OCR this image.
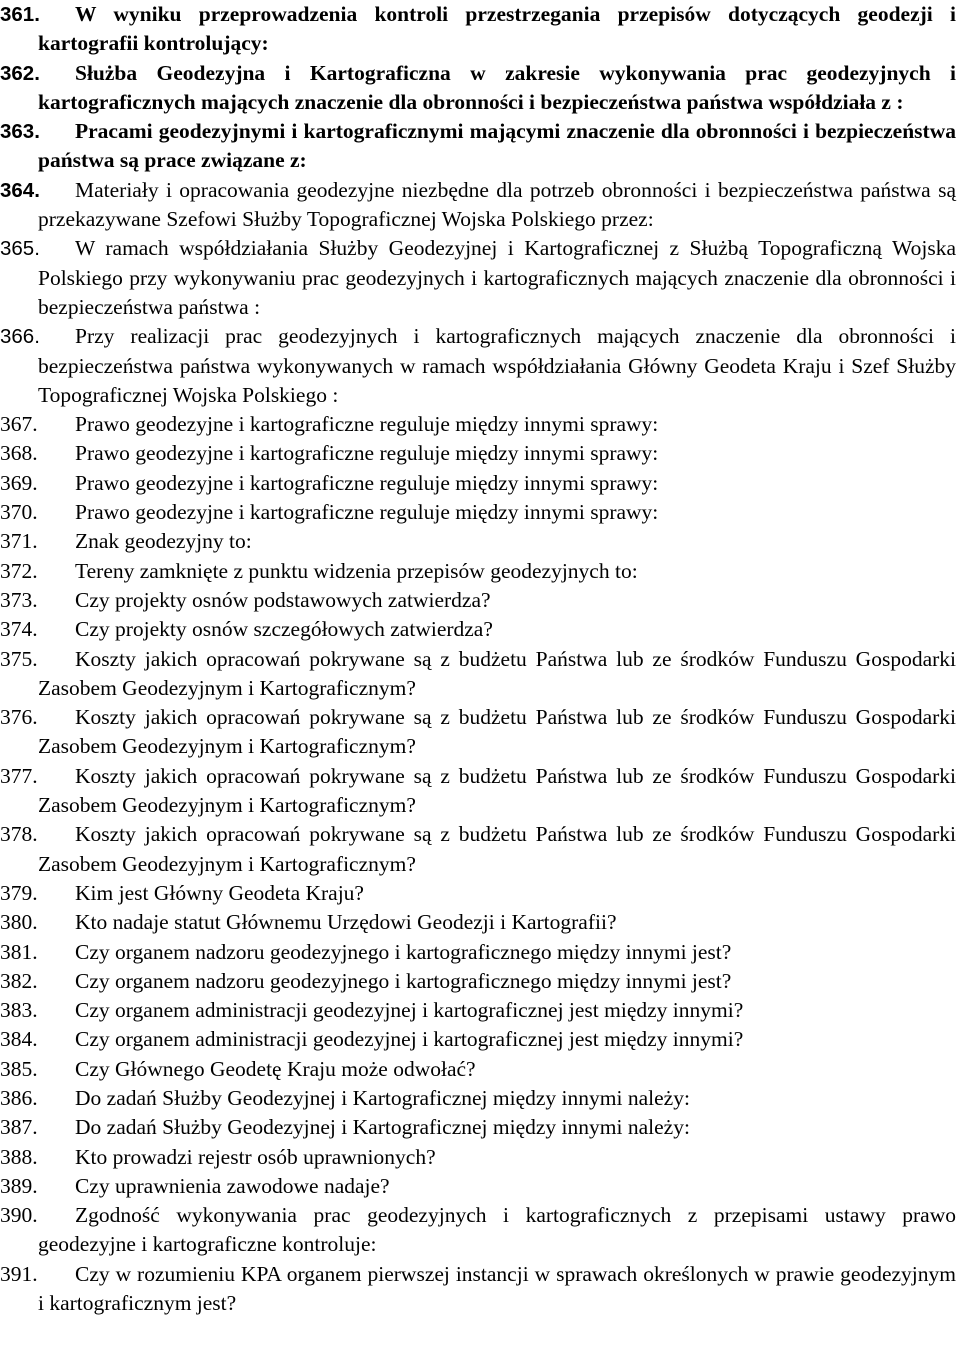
361. W wyniku przeprowadzenia kontroli przestrzegania przepisów dotyczących geodezji i kartografii kontrolujący:
362. Służba Geodezyjna i Kartograficzna w zakresie wykonywania prac geodezyjnych i kartograficznych mających znaczenie dla obronności i bezpieczeństwa państwa współdziała z :
363. Pracami geodezyjnymi i kartograficznymi mającymi znaczenie dla obronności i bezpieczeństwa państwa są prace związane z:
364. Materiały i opracowania geodezyjne niezbędne dla potrzeb obronności i bezpieczeństwa państwa są przekazywane Szefowi Służby Topograficznej Wojska Polskiego przez:
365. W ramach współdziałania Służby Geodezyjnej i Kartograficznej z Służbą Topograficzną Wojska Polskiego przy wykonywaniu prac geodezyjnych i kartograficznych mających znaczenie dla obronności i bezpieczeństwa państwa :
366. Przy realizacji prac geodezyjnych i kartograficznych mających znaczenie dla obronności i bezpieczeństwa państwa wykonywanych w ramach współdziałania Główny Geodeta Kraju i Szef Służby Topograficznej Wojska Polskiego :
367. Prawo geodezyjne i kartograficzne reguluje między innymi sprawy:
368. Prawo geodezyjne i kartograficzne reguluje między innymi sprawy:
369. Prawo geodezyjne i kartograficzne reguluje między innymi sprawy:
370. Prawo geodezyjne i kartograficzne reguluje między innymi sprawy:
371. Znak geodezyjny to:
372. Tereny zamknięte z punktu widzenia przepisów geodezyjnych to:
373. Czy projekty osnów podstawowych zatwierdza?
374. Czy projekty osnów szczegółowych zatwierdza?
375. Koszty jakich opracowań pokrywane są z budżetu Państwa lub ze środków Funduszu Gospodarki Zasobem Geodezyjnym i Kartograficznym?
376. Koszty jakich opracowań pokrywane są z budżetu Państwa lub ze środków Funduszu Gospodarki Zasobem Geodezyjnym i Kartograficznym?
377. Koszty jakich opracowań pokrywane są z budżetu Państwa lub ze środków Funduszu Gospodarki Zasobem Geodezyjnym i Kartograficznym?
378. Koszty jakich opracowań pokrywane są z budżetu Państwa lub ze środków Funduszu Gospodarki Zasobem Geodezyjnym i Kartograficznym?
379. Kim jest Główny Geodeta Kraju?
380. Kto nadaje statut Głównemu Urzędowi Geodezji i Kartografii?
381. Czy organem nadzoru geodezyjnego i kartograficznego między innymi jest?
382. Czy organem nadzoru geodezyjnego i kartograficznego między innymi jest?
383. Czy organem administracji geodezyjnej i kartograficznej jest między innymi?
384. Czy organem administracji geodezyjnej i kartograficznej jest między innymi?
385. Czy Głównego Geodetę Kraju może odwołać?
386. Do zadań Służby Geodezyjnej i Kartograficznej między innymi należy:
387. Do zadań Służby Geodezyjnej i Kartograficznej między innymi należy:
388. Kto prowadzi rejestr osób uprawnionych?
389. Czy uprawnienia zawodowe nadaje?
390. Zgodność wykonywania prac geodezyjnych i kartograficznych z przepisami ustawy prawo geodezyjne i kartograficzne kontroluje:
391. Czy w rozumieniu KPA organem pierwszej instancji w sprawach określonych w prawie geodezyjnym i kartograficznym jest?
